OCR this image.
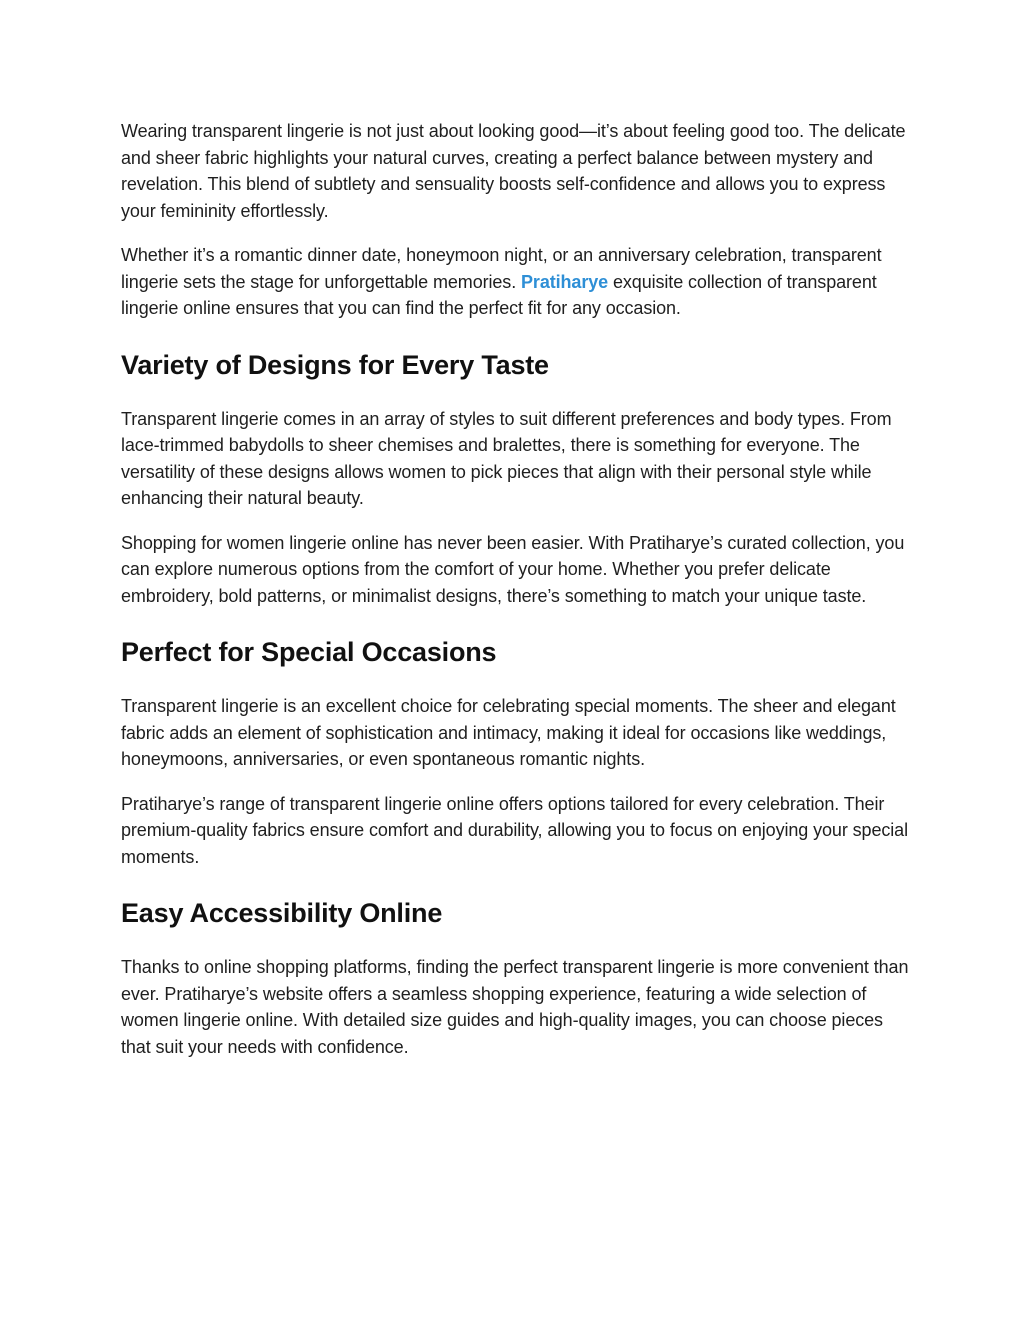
Wearing transparent lingerie is not just about looking good—it’s about feeling good too. The delicate and sheer fabric highlights your natural curves, creating a perfect balance between mystery and revelation. This blend of subtlety and sensuality boosts self-confidence and allows you to express your femininity effortlessly.

Whether it’s a romantic dinner date, honeymoon night, or an anniversary celebration, transparent lingerie sets the stage for unforgettable memories. Pratiharye exquisite collection of transparent lingerie online ensures that you can find the perfect fit for any occasion.

Variety of Designs for Every Taste

Transparent lingerie comes in an array of styles to suit different preferences and body types. From lace-trimmed babydolls to sheer chemises and bralettes, there is something for everyone. The versatility of these designs allows women to pick pieces that align with their personal style while enhancing their natural beauty.

Shopping for women lingerie online has never been easier. With Pratiharye’s curated collection, you can explore numerous options from the comfort of your home. Whether you prefer delicate embroidery, bold patterns, or minimalist designs, there’s something to match your unique taste.

Perfect for Special Occasions

Transparent lingerie is an excellent choice for celebrating special moments. The sheer and elegant fabric adds an element of sophistication and intimacy, making it ideal for occasions like weddings, honeymoons, anniversaries, or even spontaneous romantic nights.

Pratiharye’s range of transparent lingerie online offers options tailored for every celebration. Their premium-quality fabrics ensure comfort and durability, allowing you to focus on enjoying your special moments.

Easy Accessibility Online

Thanks to online shopping platforms, finding the perfect transparent lingerie is more convenient than ever. Pratiharye’s website offers a seamless shopping experience, featuring a wide selection of women lingerie online. With detailed size guides and high-quality images, you can choose pieces that suit your needs with confidence.
